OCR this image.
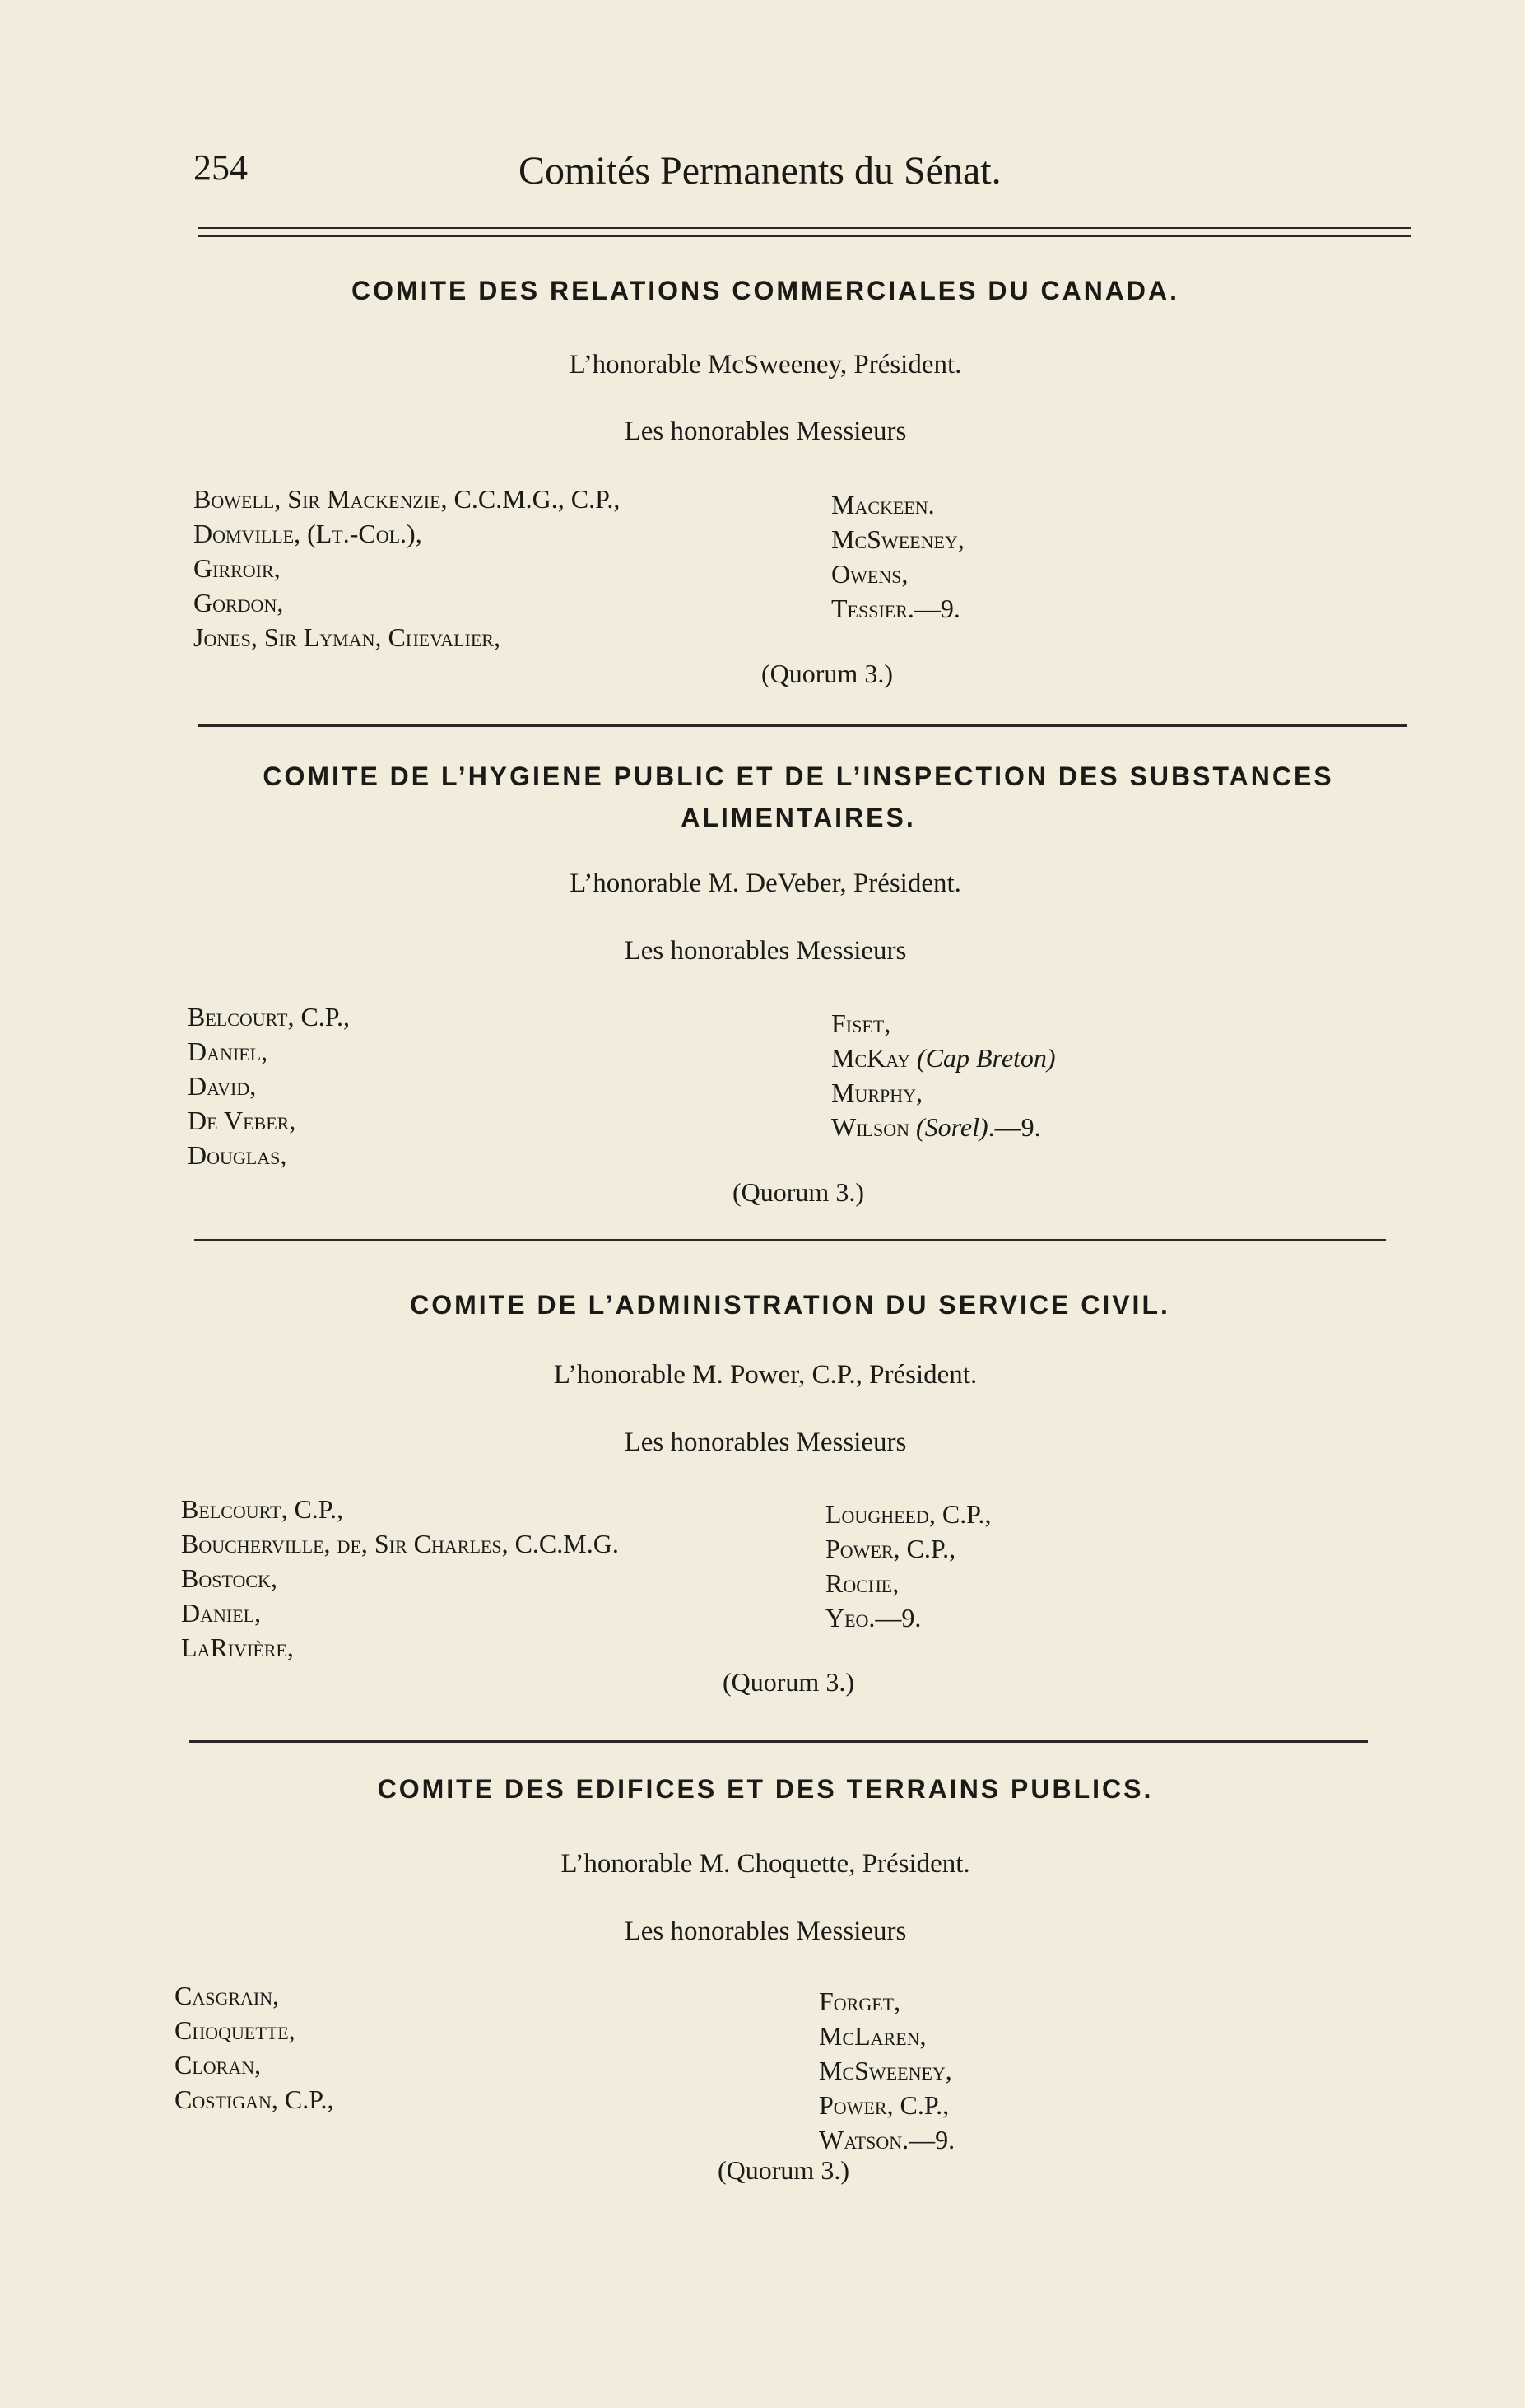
254	Comités Permanents du Sénat.
COMITE DES RELATIONS COMMERCIALES DU CANADA.
L’honorable McSweeney, Président.
Les honorables Messieurs
Bowell, Sir Mackenzie, C.C.M.G., C.P.,
Domville, (Lt.-Col.),
Girroir,
Gordon,
Jones, Sir Lyman, Chevalier,
Mackeen.
McSweeney,
Owens,
Tessier.—9.
(Quorum 3.)
COMITE DE L’HYGIENE PUBLIC ET DE L’INSPECTION DES SUBSTANCES ALIMENTAIRES.
L’honorable M. DeVeber, Président.
Les honorables Messieurs
Belcourt, C.P.,
Daniel,
David,
De Veber,
Douglas,
Fiset,
McKay (Cap Breton)
Murphy,
Wilson (Sorel).—9.
(Quorum 3.)
COMITE DE L’ADMINISTRATION DU SERVICE CIVIL.
L’honorable M. Power, C.P., Président.
Les honorables Messieurs
Belcourt, C.P.,
Boucherville, de, Sir Charles, C.C.M.G.
Bostock,
Daniel,
LaRivière,
Lougheed, C.P.,
Power, C.P.,
Roche,
Yeo.—9.
(Quorum 3.)
COMITE DES EDIFICES ET DES TERRAINS PUBLICS.
L’honorable M. Choquette, Président.
Les honorables Messieurs
Casgrain,
Choquette,
Cloran,
Costigan, C.P.,
Forget,
McLaren,
McSweeney,
Power, C.P.,
Watson.—9.
(Quorum 3.)
